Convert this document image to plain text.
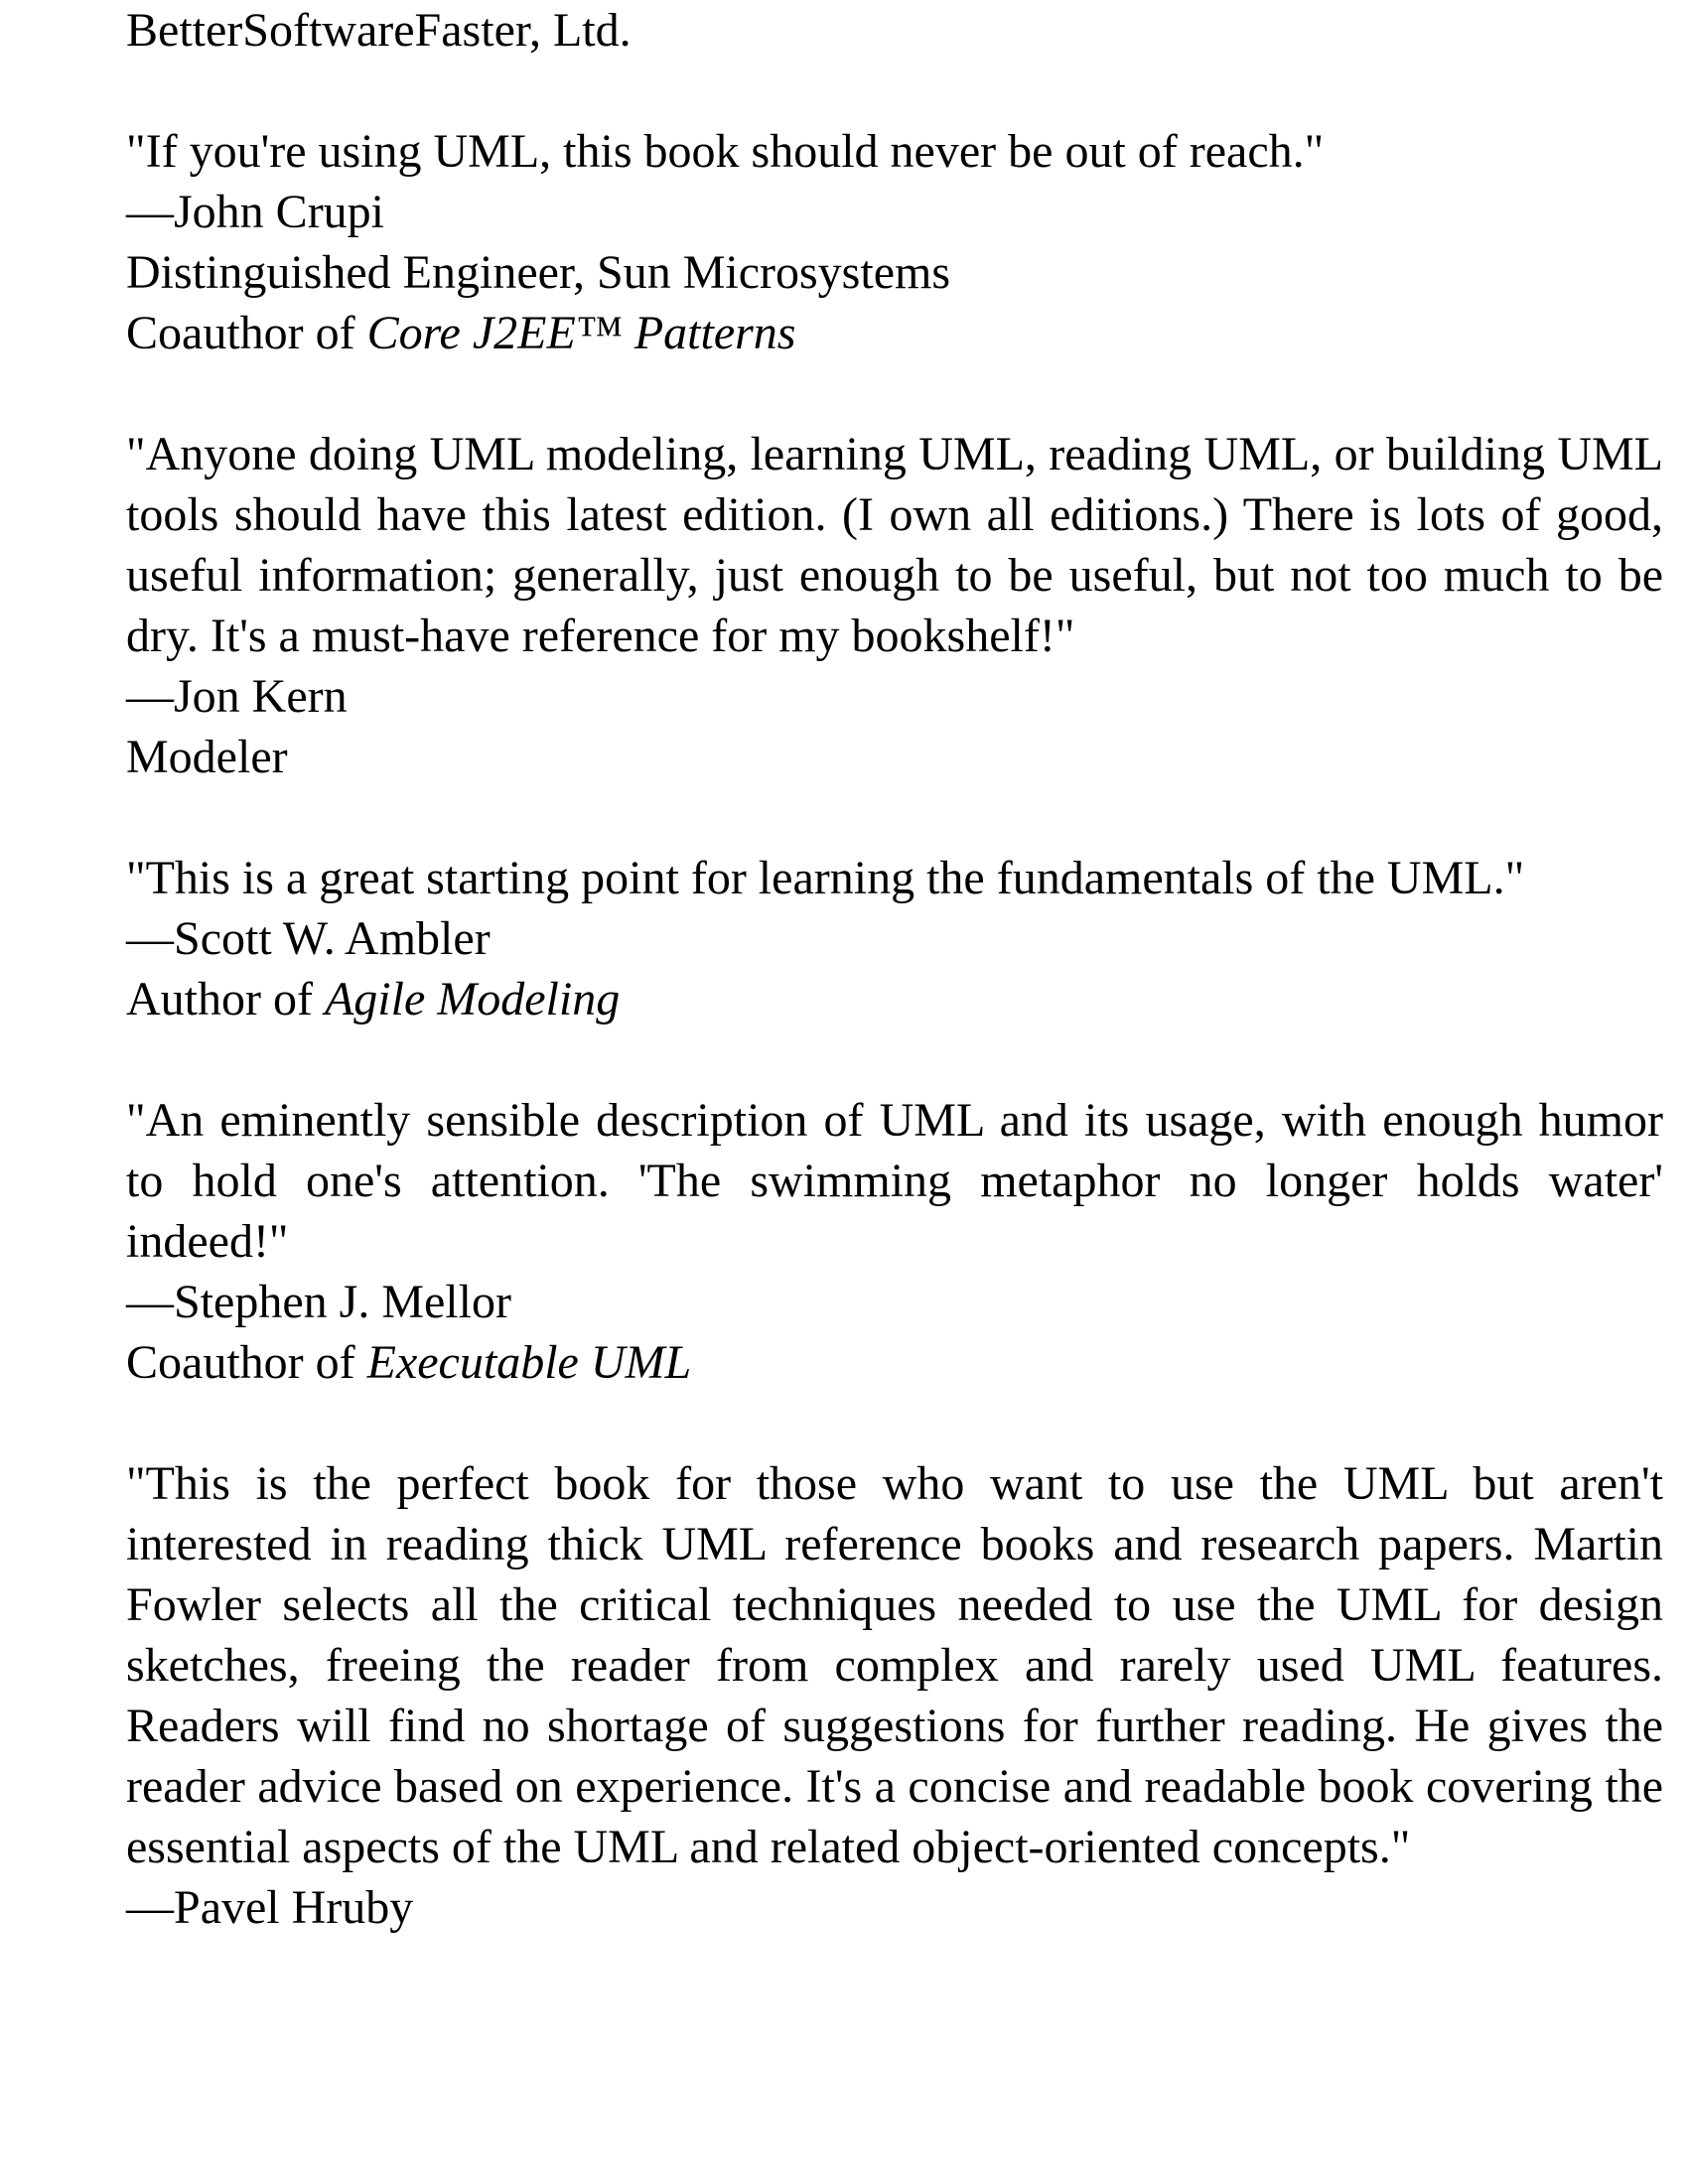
BetterSoftwareFaster, Ltd.
"If you're using UML, this book should never be out of reach."
—John Crupi
Distinguished Engineer, Sun Microsystems
Coauthor of Core J2EE™ Patterns
"Anyone doing UML modeling, learning UML, reading UML, or building UML tools should have this latest edition. (I own all editions.) There is lots of good, useful information; generally, just enough to be useful, but not too much to be dry. It's a must-have reference for my bookshelf!"
—Jon Kern
Modeler
"This is a great starting point for learning the fundamentals of the UML."
—Scott W. Ambler
Author of Agile Modeling
"An eminently sensible description of UML and its usage, with enough humor to hold one's attention. 'The swimming metaphor no longer holds water' indeed!"
—Stephen J. Mellor
Coauthor of Executable UML
"This is the perfect book for those who want to use the UML but aren't interested in reading thick UML reference books and research papers. Martin Fowler selects all the critical techniques needed to use the UML for design sketches, freeing the reader from complex and rarely used UML features. Readers will find no shortage of suggestions for further reading. He gives the reader advice based on experience. It's a concise and readable book covering the essential aspects of the UML and related object-oriented concepts."
—Pavel Hruby
